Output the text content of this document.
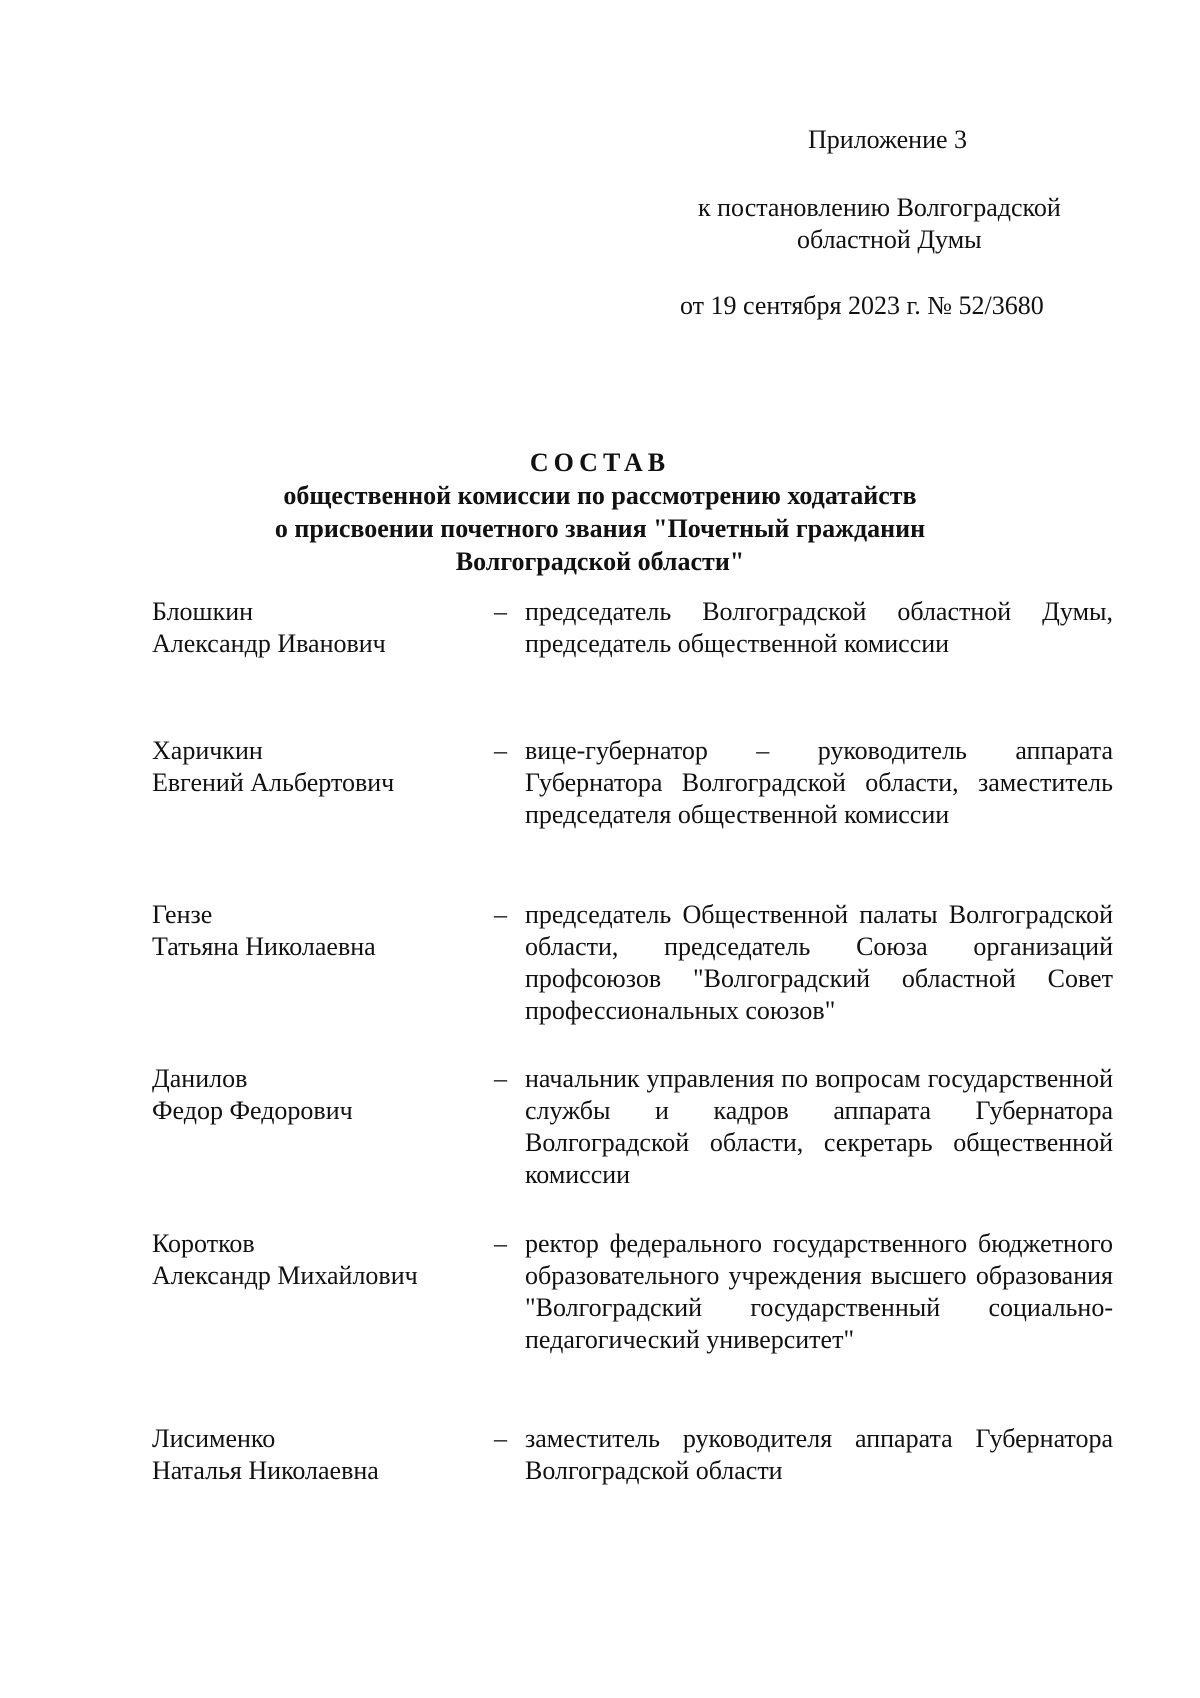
Приложение 3
к постановлению Волгоградской
областной Думы
от 19 сентября 2023 г. № 52/3680
СОСТАВ
общественной комиссии по рассмотрению ходатайств
о присвоении почетного звания "Почетный гражданин
Волгоградской области"
Блошкин
Александр Иванович
– председатель Волгоградской областной Думы, председатель общественной комиссии
Харичкин
Евгений Альбертович
– вице-губернатор – руководитель аппарата Губернатора Волгоградской области, заместитель председателя общественной комиссии
Гензе
Татьяна Николаевна
– председатель Общественной палаты Волгоградской области, председатель Союза организаций профсоюзов "Волгоградский областной Совет профессиональных союзов"
Данилов
Федор Федорович
– начальник управления по вопросам государственной службы и кадров аппарата Губернатора Волгоградской области, секретарь общественной комиссии
Коротков
Александр Михайлович
– ректор федерального государственного бюджетного образовательного учреждения высшего образования "Волгоградский государственный социально-педагогический университет"
Лисименко
Наталья Николаевна
– заместитель руководителя аппарата Губернатора Волгоградской области
